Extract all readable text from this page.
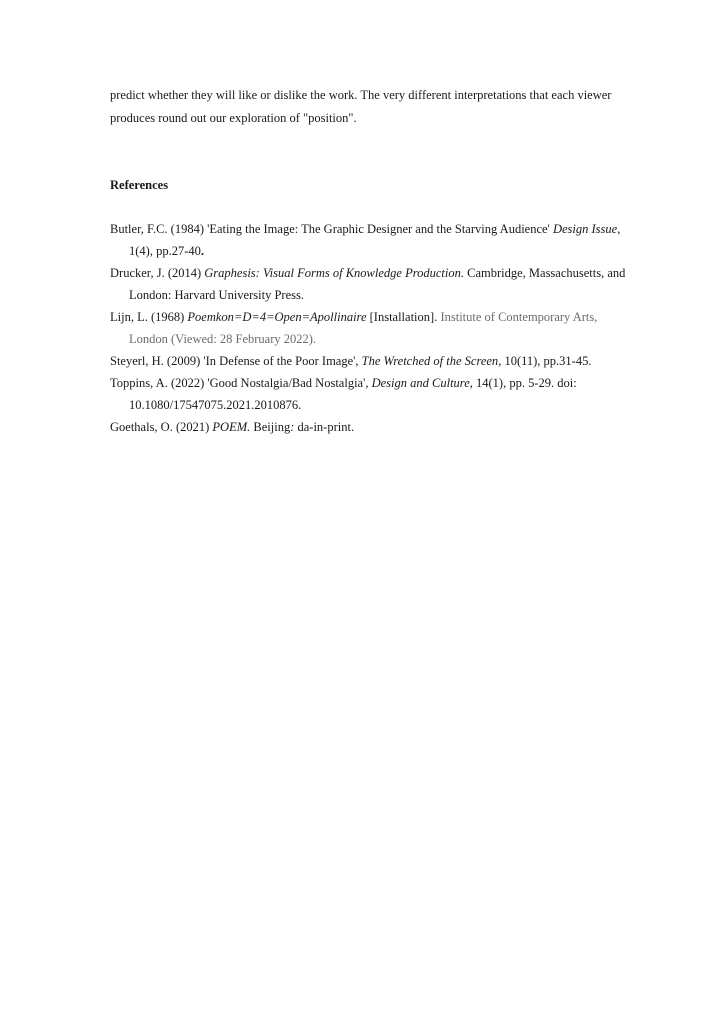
predict whether they will like or dislike the work. The very different interpretations that each viewer
produces round out our exploration of "position".

References

Butler, F.C. (1984) 'Eating the Image: The Graphic Designer and the Starving Audience' Design Issue, 1(4), pp.27-40.
Drucker, J. (2014) Graphesis: Visual Forms of Knowledge Production. Cambridge, Massachusetts, and London: Harvard University Press.
Lijn, L. (1968) Poemkon=D=4=Open=Apollinaire [Installation]. Institute of Contemporary Arts, London (Viewed: 28 February 2022).
Steyerl, H. (2009) 'In Defense of the Poor Image', The Wretched of the Screen, 10(11), pp.31-45.
Toppins, A. (2022) 'Good Nostalgia/Bad Nostalgia', Design and Culture, 14(1), pp. 5-29. doi: 10.1080/17547075.2021.2010876.
Goethals, O. (2021) POEM. Beijing: da-in-print.
